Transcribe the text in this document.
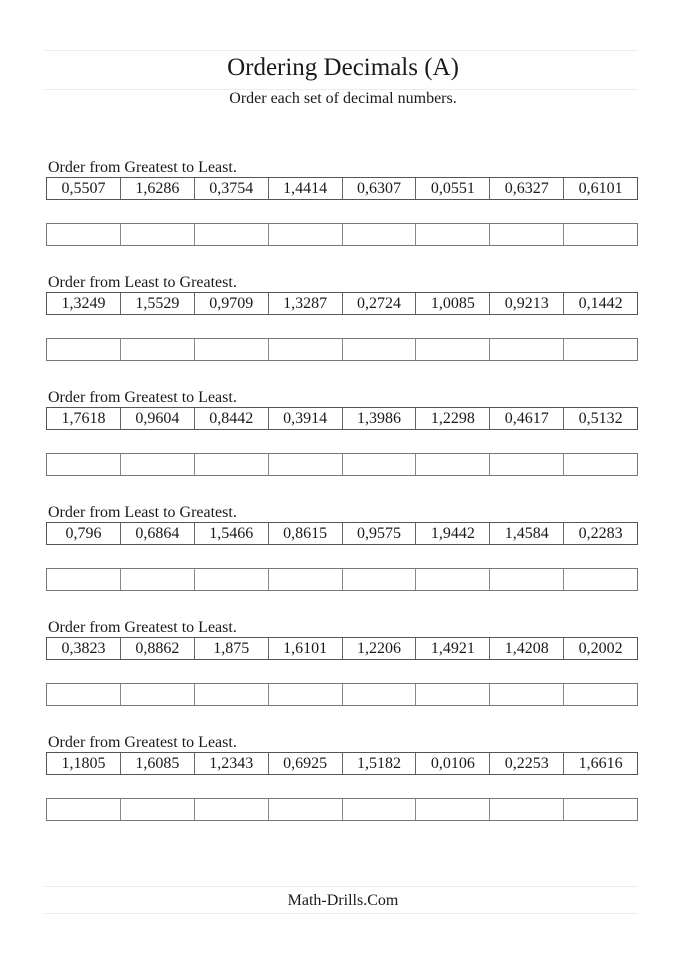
Ordering Decimals (A)
Order each set of decimal numbers.
Order from Greatest to Least.
0,5507	1,6286	0,3754	1,4414	0,6307	0,0551	0,6327	0,6101
Order from Least to Greatest.
1,3249	1,5529	0,9709	1,3287	0,2724	1,0085	0,9213	0,1442
Order from Greatest to Least.
1,7618	0,9604	0,8442	0,3914	1,3986	1,2298	0,4617	0,5132
Order from Least to Greatest.
0,796	0,6864	1,5466	0,8615	0,9575	1,9442	1,4584	0,2283
Order from Greatest to Least.
0,3823	0,8862	1,875	1,6101	1,2206	1,4921	1,4208	0,2002
Order from Greatest to Least.
1,1805	1,6085	1,2343	0,6925	1,5182	0,0106	0,2253	1,6616
Math-Drills.Com
